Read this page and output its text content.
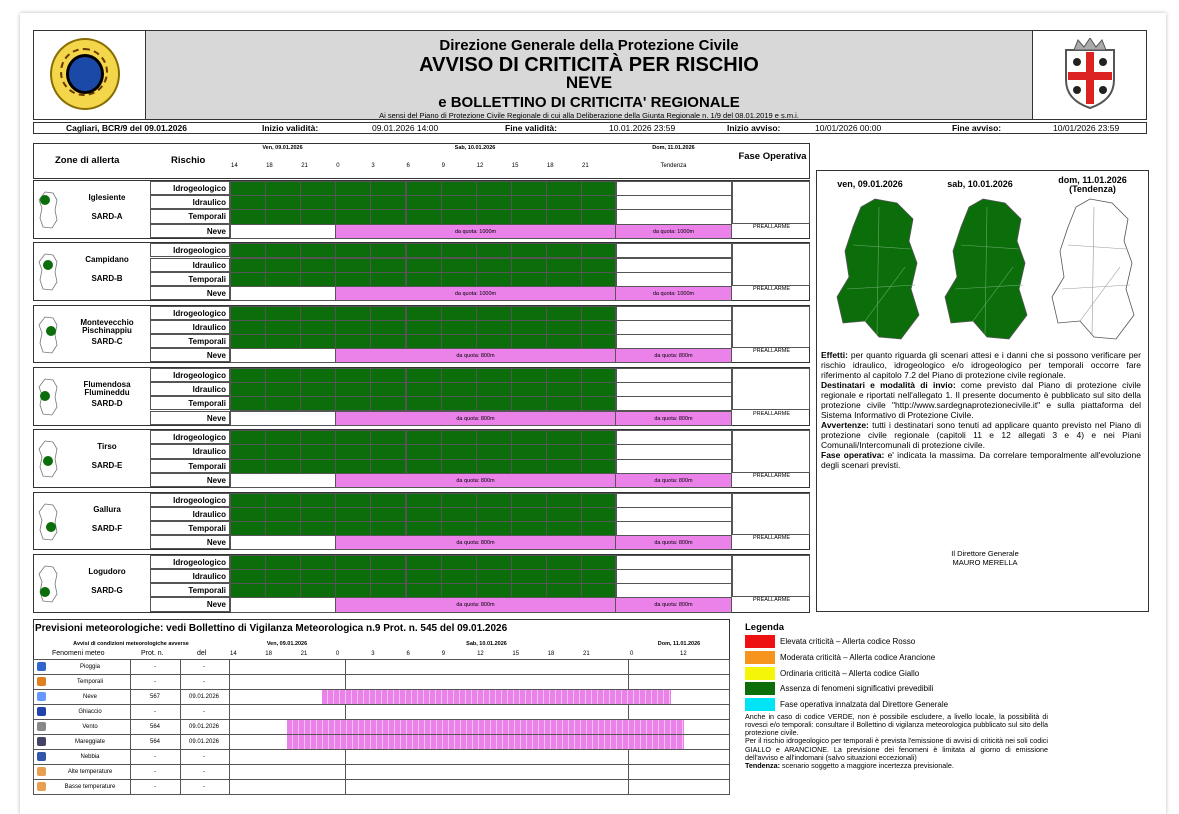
Direzione Generale della Protezione Civile
AVVISO DI CRITICITÀ PER RISCHIO
NEVE
e BOLLETTINO DI CRITICITA' REGIONALE
Ai sensi del Piano di Protezione Civile Regionale di cui alla Deliberazione della Giunta Regionale n. 1/9 del 08.01.2019 e s.m.i.
Cagliari, BCR/9 del 09.01.2026	Inizio validità:	09.01.2026 14:00	Fine validità:	10.01.2026 23:59	Inizio avviso:	10/01/2026 00:00	Fine avviso:	10/01/2026 23:59
Zone di allerta	Rischio	Fase Operativa
Ven, 09.01.2026	Sab, 10.01.2026	Dom, 11.01.2026
Tendenza
14	18	21	0	3	6	9	12	15	18	21
Iglesiente
SARD-A
Idrogeologico
Idraulico
Temporali
Neve	da quota: 1000m	da quota: 1000m
PREALLARME
Campidano
SARD-B
Idrogeologico
Idraulico
Temporali
Neve	da quota: 1000m	da quota: 1000m
PREALLARME
Montevecchio Pischinappiu
SARD-C
Idrogeologico
Idraulico
Temporali
Neve	da quota: 800m	da quota: 800m
PREALLARME
Flumendosa Flumineddu
SARD-D
Idrogeologico
Idraulico
Temporali
Neve	da quota: 800m	da quota: 800m
PREALLARME
Tirso
SARD-E
Idrogeologico
Idraulico
Temporali
Neve	da quota: 800m	da quota: 800m
PREALLARME
Gallura
SARD-F
Idrogeologico
Idraulico
Temporali
Neve	da quota: 800m	da quota: 800m
PREALLARME
Logudoro
SARD-G
Idrogeologico
Idraulico
Temporali
Neve	da quota: 800m	da quota: 800m
PREALLARME
ven, 09.01.2026	sab, 10.01.2026	dom, 11.01.2026 (Tendenza)
Effetti: per quanto riguarda gli scenari attesi e i danni che si possono verificare per rischio idraulico, idrogeologico e/o idrogeologico per temporali occorre fare riferimento al capitolo 7.2 del Piano di protezione civile regionale.
Destinatari e modalità di invio: come previsto dal Piano di protezione civile regionale e riportati nell'allegato 1. Il presente documento è pubblicato sul sito della protezione civile "http://www.sardegnaprotezionecivile.it" e sulla piattaforma del Sistema Informativo di Protezione Civile.
Avvertenze: tutti i destinatari sono tenuti ad applicare quanto previsto nel Piano di protezione civile regionale (capitoli 11 e 12 allegati 3 e 4) e nei Piani Comunali/Intercomunali di protezione civile.
Fase operativa: e' indicata la massima. Da correlare temporalmente all'evoluzione degli scenari previsti.
Il Direttore Generale
MAURO MERELLA
Previsioni meteorologiche: vedi Bollettino di Vigilanza Meteorologica n.9 Prot. n. 545 del 09.01.2026
Avvisi di condizioni meteorologiche avverse
Fenomeni meteo	Prot. n.	del
Ven, 09.01.2026	Sab, 10.01.2026	Dom, 11.01.2026
14	18	21	0	3	6	9	12	15	18	21	0	12
Pioggia	-	-
Temporali	-	-
Neve	567	09.01.2026
Ghiaccio	-	-
Vento	564	09.01.2026
Mareggiate	564	09.01.2026
Nebbia	-	-
Alte temperature	-	-
Basse temperature	-	-
Legenda
Elevata criticità – Allerta codice Rosso
Moderata criticità – Allerta codice Arancione
Ordinaria criticità – Allerta codice Giallo
Assenza di fenomeni significativi prevedibili
Fase operativa innalzata dal Direttore Generale
Anche in caso di codice VERDE, non è possibile escludere, a livello locale, la possibilità di rovesci e/o temporali: consultare il Bollettino di vigilanza meteorologica pubblicato sul sito della protezione civile.
Per il rischio idrogeologico per temporali è prevista l'emissione di avvisi di criticità nei soli codici GIALLO e ARANCIONE. La previsione dei fenomeni è limitata al giorno di emissione dell'avviso e all'indomani (salvo situazioni eccezionali)
Tendenza: scenario soggetto a maggiore incertezza previsionale.
